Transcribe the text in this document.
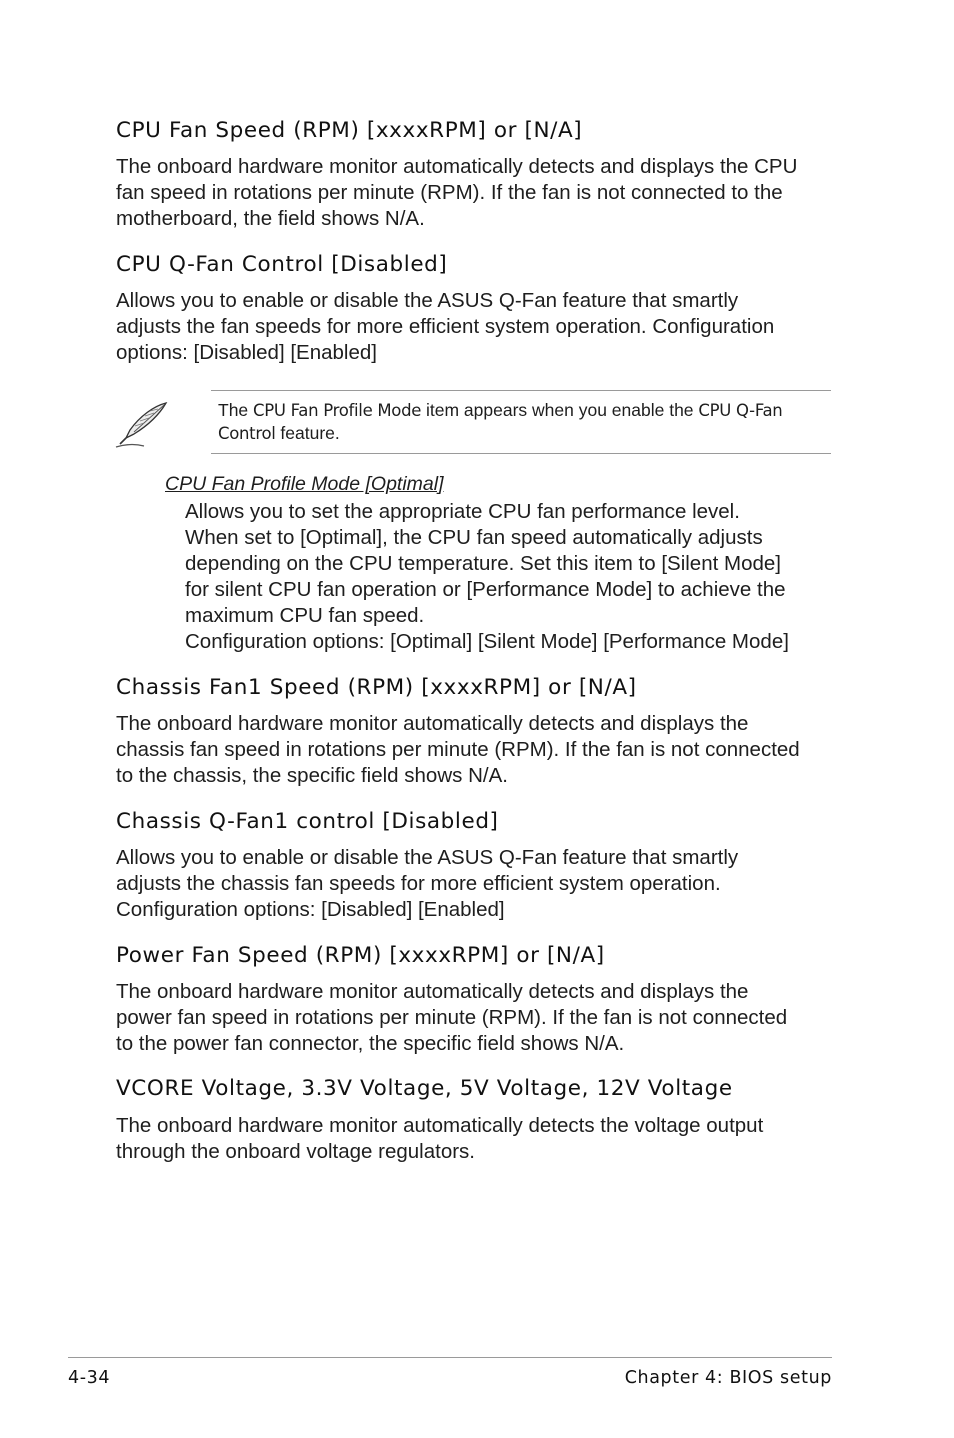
CPU Fan Speed (RPM) [xxxxRPM] or [N/A]

The onboard hardware monitor automatically detects and displays the CPU
fan speed in rotations per minute (RPM). If the fan is not connected to the
motherboard, the field shows N/A.

CPU Q-Fan Control [Disabled]

Allows you to enable or disable the ASUS Q-Fan feature that smartly
adjusts the fan speeds for more efficient system operation. Configuration
options: [Disabled] [Enabled]

The CPU Fan Profile Mode item appears when you enable the CPU Q-Fan
Control feature.

CPU Fan Profile Mode [Optimal]

Allows you to set the appropriate CPU fan performance level.
When set to [Optimal], the CPU fan speed automatically adjusts
depending on the CPU temperature. Set this item to [Silent Mode]
for silent CPU fan operation or [Performance Mode] to achieve the
maximum CPU fan speed.
Configuration options: [Optimal] [Silent Mode] [Performance Mode]

Chassis Fan1 Speed (RPM) [xxxxRPM] or [N/A]

The onboard hardware monitor automatically detects and displays the
chassis fan speed in rotations per minute (RPM). If the fan is not connected
to the chassis, the specific field shows N/A.

Chassis Q-Fan1 control [Disabled]

Allows you to enable or disable the ASUS Q-Fan feature that smartly
adjusts the chassis fan speeds for more efficient system operation.
Configuration options: [Disabled] [Enabled]

Power Fan Speed (RPM) [xxxxRPM] or [N/A]

The onboard hardware monitor automatically detects and displays the
power fan speed in rotations per minute (RPM). If the fan is not connected
to the power fan connector, the specific field shows N/A.

VCORE Voltage, 3.3V Voltage, 5V Voltage, 12V Voltage

The onboard hardware monitor automatically detects the voltage output
through the onboard voltage regulators.

4-34	Chapter 4: BIOS setup
